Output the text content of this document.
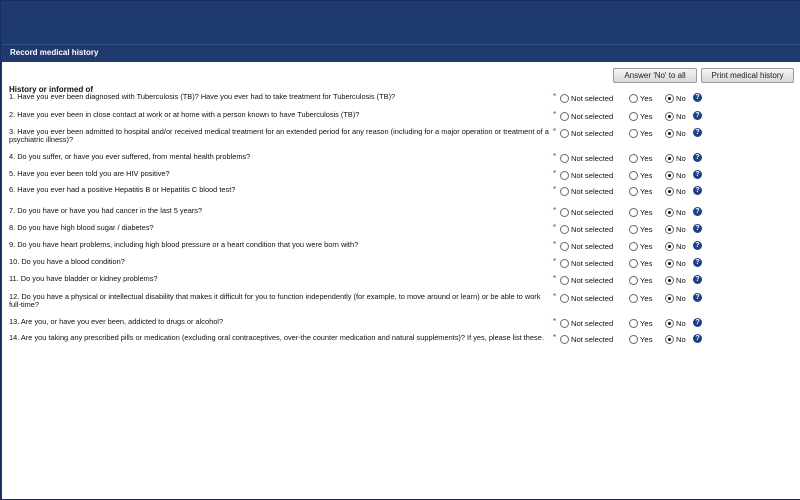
Record medical history
Answer 'No' to all	Print medical history
History or informed of
1. Have you ever been diagnosed with Tuberculosis (TB)? Have you ever had to take treatment for Tuberculosis (TB)?	* Not selected	Yes	No	?
2. Have you ever been in close contact at work or at home with a person known to have Tuberculosis (TB)?	* Not selected	Yes	No	?
3. Have you ever been admitted to hospital and/or received medical treatment for an extended period for any reason (including for a major operation or treatment of a psychiatric illness)?
* Not selected	Yes	No	?
4. Do you suffer, or have you ever suffered, from mental health problems?	* Not selected	Yes	No	?
5. Have you ever been told you are HIV positive?	* Not selected	Yes	No	?
6. Have you ever had a positive Hepatitis B or Hepatitis C blood test?	* Not selected	Yes	No	?
7. Do you have or have you had cancer in the last 5 years?	* Not selected	Yes	No	?
8. Do you have high blood sugar / diabetes?	* Not selected	Yes	No	?
9. Do you have heart problems, including high blood pressure or a heart condition that you were born with?	* Not selected	Yes	No	?
10. Do you have a blood condition?	* Not selected	Yes	No	?
11. Do you have bladder or kidney problems?	* Not selected	Yes	No	?
12. Do you have a physical or intellectual disability that makes it difficult for you to function independently (for example, to move around or learn) or be able to work full-time?
* Not selected	Yes	No	?
13. Are you, or have you ever been, addicted to drugs or alcohol?	* Not selected	Yes	No	?
14. Are you taking any prescribed pills or medication (excluding oral contraceptives, over-the counter medication and natural supplements)? If yes, please list these.	* Not selected	Yes	No	?
